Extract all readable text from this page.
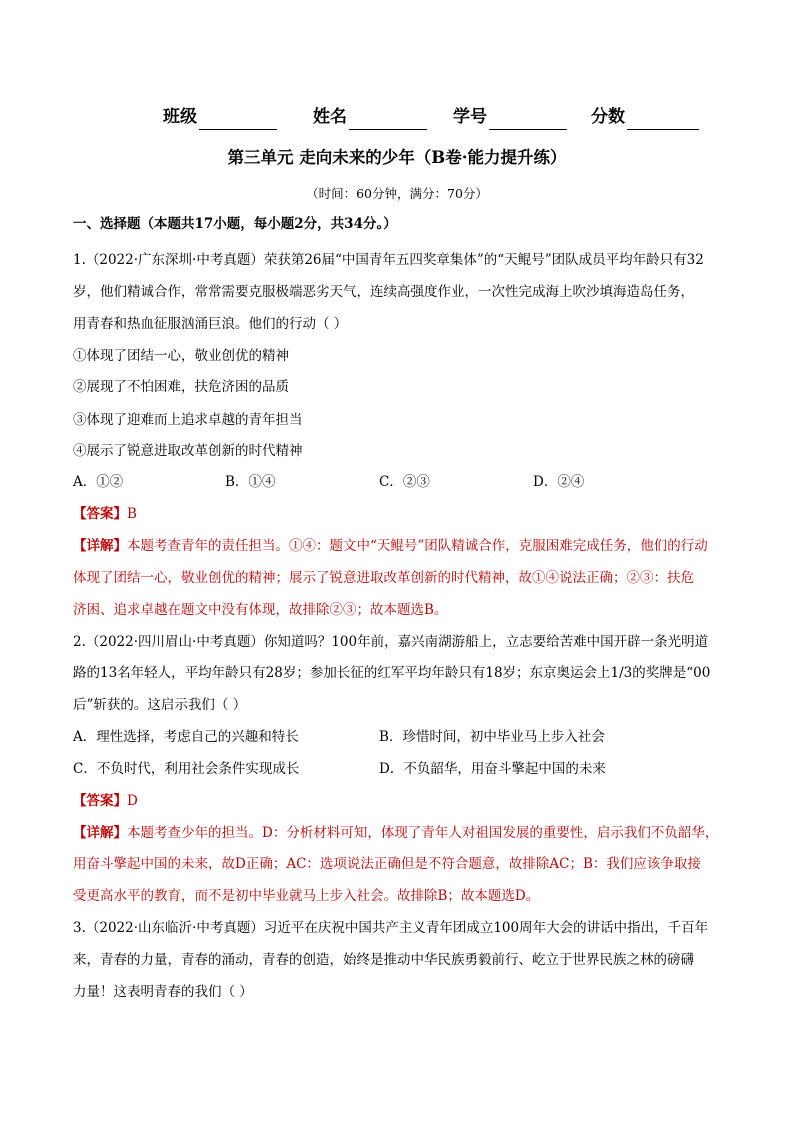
班级	姓名	学号	分数
第三单元 走向未来的少年（B卷·能力提升练）
（时间：60分钟，满分：70分）
一、选择题（本题共17小题，每小题2分，共34分。）
1.（2022·广东深圳·中考真题）荣获第26届“中国青年五四奖章集体”的“天鲲号”团队成员平均年龄只有32
岁，他们精诚合作，常常需要克服极端恶劣天气，连续高强度作业，一次性完成海上吹沙填海造岛任务，
用青春和热血征服汹涌巨浪。他们的行动（ ）
①体现了团结一心，敬业创优的精神
②展现了不怕困难，扶危济困的品质
③体现了迎难而上追求卓越的青年担当
④展示了锐意进取改革创新的时代精神
A．①②	B．①④	C．②③	D．②④
【答案】B
【详解】本题考查青年的责任担当。①④：题文中“天鲲号”团队精诚合作，克服困难完成任务，他们的行动
体现了团结一心，敬业创优的精神；展示了锐意进取改革创新的时代精神，故①④说法正确；②③：扶危
济困、追求卓越在题文中没有体现，故排除②③；故本题选B。
2.（2022·四川眉山·中考真题）你知道吗？100年前，嘉兴南湖游船上，立志要给苦难中国开辟一条光明道
路的13名年轻人，平均年龄只有28岁；参加长征的红军平均年龄只有18岁；东京奥运会上1/3的奖牌是“00
后”斩获的。这启示我们（ ）
A．理性选择，考虑自己的兴趣和特长	B．珍惜时间，初中毕业马上步入社会
C．不负时代，利用社会条件实现成长	D．不负韶华，用奋斗擎起中国的未来
【答案】D
【详解】本题考查少年的担当。D：分析材料可知，体现了青年人对祖国发展的重要性，启示我们不负韶华，
用奋斗擎起中国的未来，故D正确；AC：选项说法正确但是不符合题意，故排除AC；B：我们应该争取接
受更高水平的教育，而不是初中毕业就马上步入社会。故排除B；故本题选D。
3.（2022·山东临沂·中考真题）习近平在庆祝中国共产主义青年团成立100周年大会的讲话中指出，千百年
来，青春的力量，青春的涌动，青春的创造，始终是推动中华民族勇毅前行、屹立于世界民族之林的磅礴
力量！这表明青春的我们（ ）
